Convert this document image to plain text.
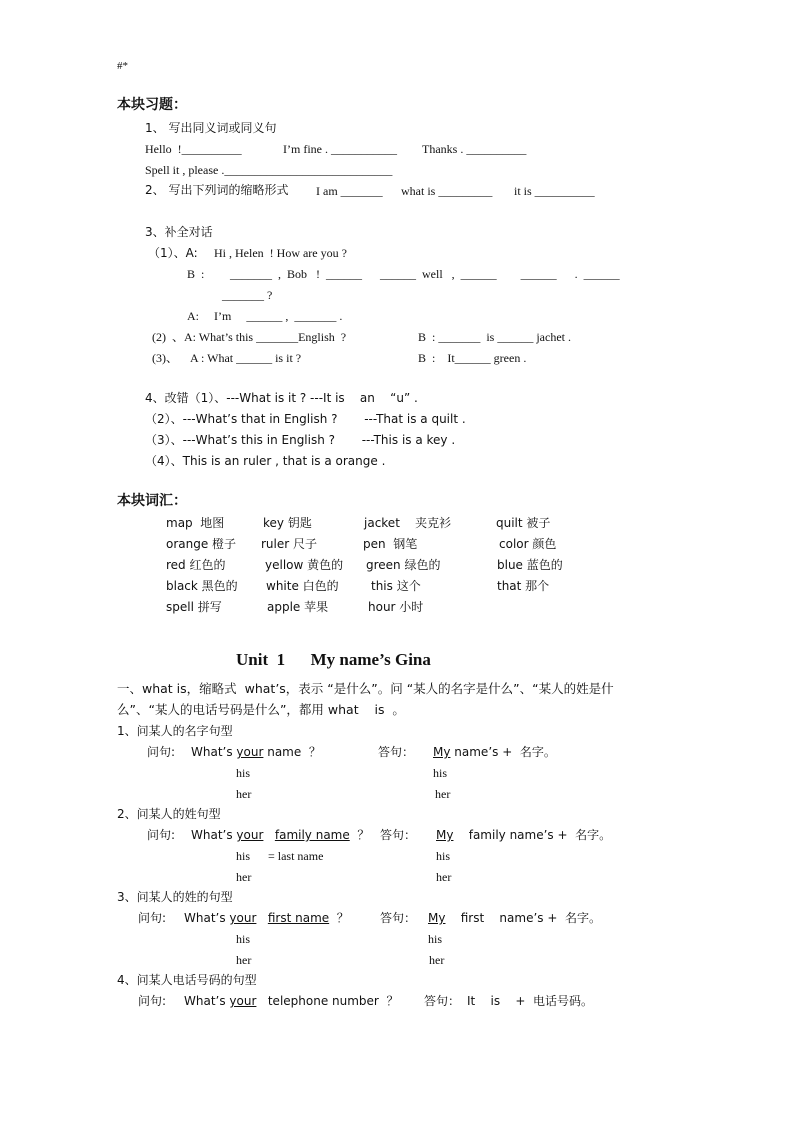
#*
本块习题：
1、 写出同义词或同义句
Hello  !__________	I’m fine . ___________ Thanks . __________
Spell it , please .____________________________
2、 写出下列词的缩略形式 I am _______ what is _________ it is __________
3、补全对话
（1）、A: Hi , Helen  ! How are you ?
B  : _______  ,  Bob   !  ______      ______  well   ,  ______        ______      .  ______
_______ ?
A: I’m     ______ ,  _______ .
(2)  、A: What’s this _______English  ?	B  : _______  is ______ jachet .
(3)、    A : What ______ is it ?	B  :    It______ green .
4、改错（1）、---What is it ? ---It is    an    “u” .
（2）、---What’s that in English ?       ---That is a quilt .
（3）、---What’s this in English ?       ---This is a key .
（4）、This is an ruler , that is a orange .
本块词汇：
map  地图	key 钥匙	jacket    夹克衫	quilt 被子
orange 橙子 ruler 尺子	pen  钢笔	color 颜色
red 红色的	yellow 黄色的 green 绿色的	blue 蓝色的
black 黑色的 white 白色的	this 这个	that 那个
spell 拼写	apple 苹果	hour 小时
Unit  1      My name’s Gina
一、what is，缩略式  what’s，表示 “是什么”。问 “某人的名字是什么”、“某人的姓是什
么”、“某人的电话号码是什么”，都用 what    is  。
1、问某人的名字句型
问句: What’s your name  ？	答句： My name’s +  名字。
his	his
her	her
2、问某人的姓句型
问句: What’s your family name  ？ 答句： My    family name’s +  名字。
his      = last name	his
her	her
3、问某人的姓的句型
问句: What’s your first name  ？	答句： My    first    name’s +  名字。
his	his
her	her
4、问某人电话号码的句型
问句: What’s your   telephone number  ？ 答句： It    is    +  电话号码。
